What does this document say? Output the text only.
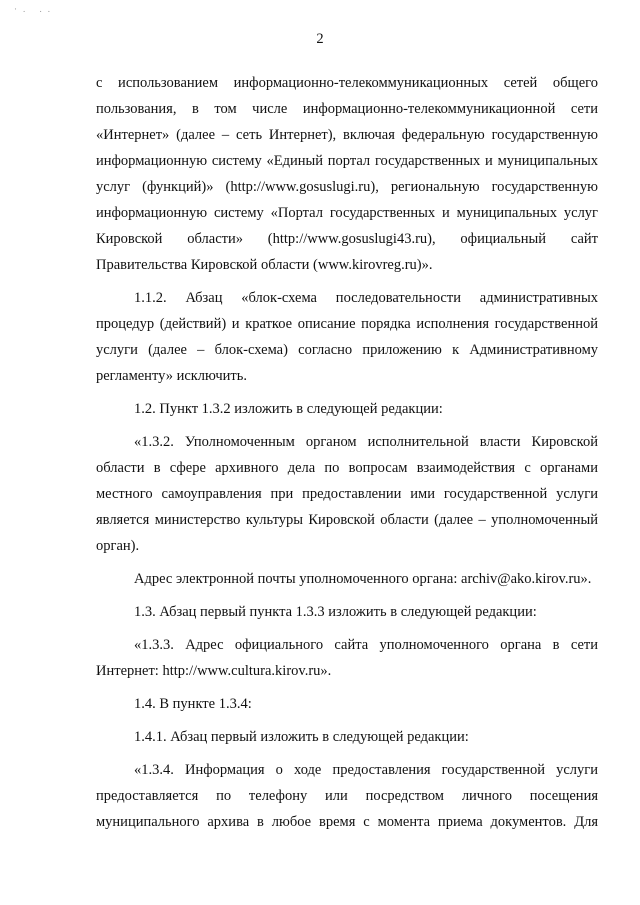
·. ..
2

с использованием информационно-телекоммуникационных сетей общего пользования, в том числе информационно-телекоммуникационной сети «Интернет» (далее – сеть Интернет), включая федеральную государственную информационную систему «Единый портал государственных и муниципальных услуг (функций)» (http://www.gosuslugi.ru), региональную государственную информационную систему «Портал государственных и муниципальных услуг Кировской области» (http://www.gosuslugi43.ru), официальный сайт Правительства Кировской области (www.kirovreg.ru)».

1.1.2. Абзац «блок-схема последовательности административных процедур (действий) и краткое описание порядка исполнения государственной услуги (далее – блок-схема) согласно приложению к Административному регламенту» исключить.

1.2. Пункт 1.3.2 изложить в следующей редакции:

«1.3.2. Уполномоченным органом исполнительной власти Кировской области в сфере архивного дела по вопросам взаимодействия с органами местного самоуправления при предоставлении ими государственной услуги является министерство культуры Кировской области (далее – уполномоченный орган).

Адрес электронной почты уполномоченного органа: archiv@ako.kirov.ru».

1.3. Абзац первый пункта 1.3.3 изложить в следующей редакции:

«1.3.3. Адрес официального сайта уполномоченного органа в сети Интернет: http://www.cultura.kirov.ru».

1.4. В пункте 1.3.4:

1.4.1. Абзац первый изложить в следующей редакции:

«1.3.4. Информация о ходе предоставления государственной услуги предоставляется по телефону или посредством личного посещения муниципального архива в любое время с момента приема документов. Для
